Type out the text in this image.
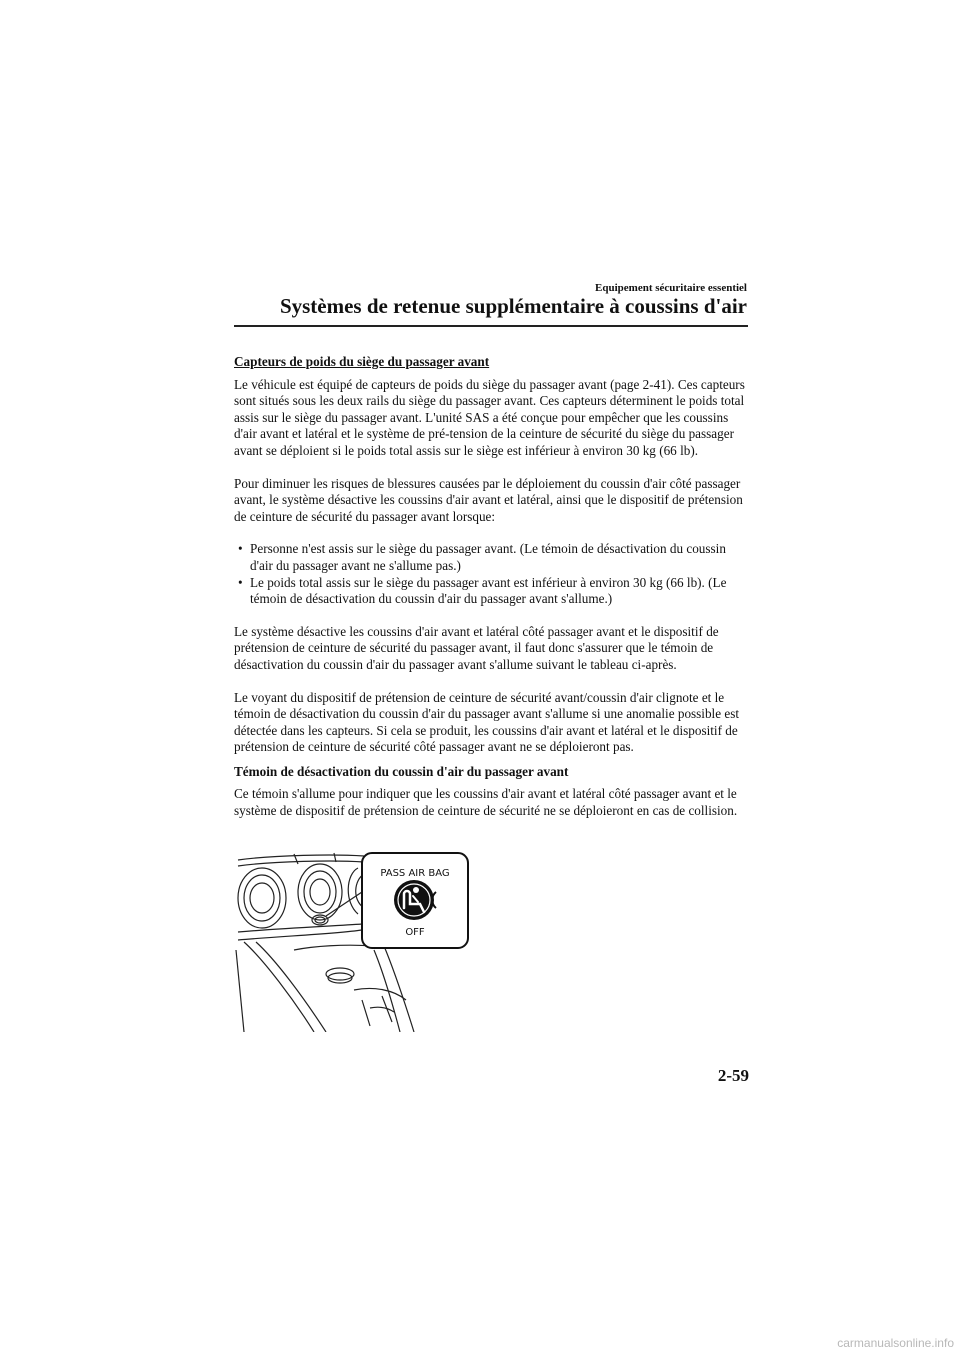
Equipement sécuritaire essentiel
Systèmes de retenue supplémentaire à coussins d'air
Capteurs de poids du siège du passager avant

Le véhicule est équipé de capteurs de poids du siège du passager avant (page 2-41). Ces capteurs sont situés sous les deux rails du siège du passager avant. Ces capteurs déterminent le poids total assis sur le siège du passager avant. L'unité SAS a été conçue pour empêcher que les coussins d'air avant et latéral et le système de pré-tension de la ceinture de sécurité du siège du passager avant se déploient si le poids total assis sur le siège est inférieur à environ 30 kg (66 lb).

Pour diminuer les risques de blessures causées par le déploiement du coussin d'air côté passager avant, le système désactive les coussins d'air avant et latéral, ainsi que le dispositif de prétension de ceinture de sécurité du passager avant lorsque:

• Personne n'est assis sur le siège du passager avant. (Le témoin de désactivation du coussin d'air du passager avant ne s'allume pas.)
• Le poids total assis sur le siège du passager avant est inférieur à environ 30 kg (66 lb). (Le témoin de désactivation du coussin d'air du passager avant s'allume.)

Le système désactive les coussins d'air avant et latéral côté passager avant et le dispositif de prétension de ceinture de sécurité du passager avant, il faut donc s'assurer que le témoin de désactivation du coussin d'air du passager avant s'allume suivant le tableau ci-après.

Le voyant du dispositif de prétension de ceinture de sécurité avant/coussin d'air clignote et le témoin de désactivation du coussin d'air du passager avant s'allume si une anomalie possible est détectée dans les capteurs. Si cela se produit, les coussins d'air avant et latéral et le dispositif de prétension de ceinture de sécurité côté passager avant ne se déploieront pas.

Témoin de désactivation du coussin d'air du passager avant

Ce témoin s'allume pour indiquer que les coussins d'air avant et latéral côté passager avant et le système de dispositif de prétension de ceinture de sécurité ne se déploieront en cas de collision.

PASS AIR BAG
OFF
2-59
carmanualsonline.info
